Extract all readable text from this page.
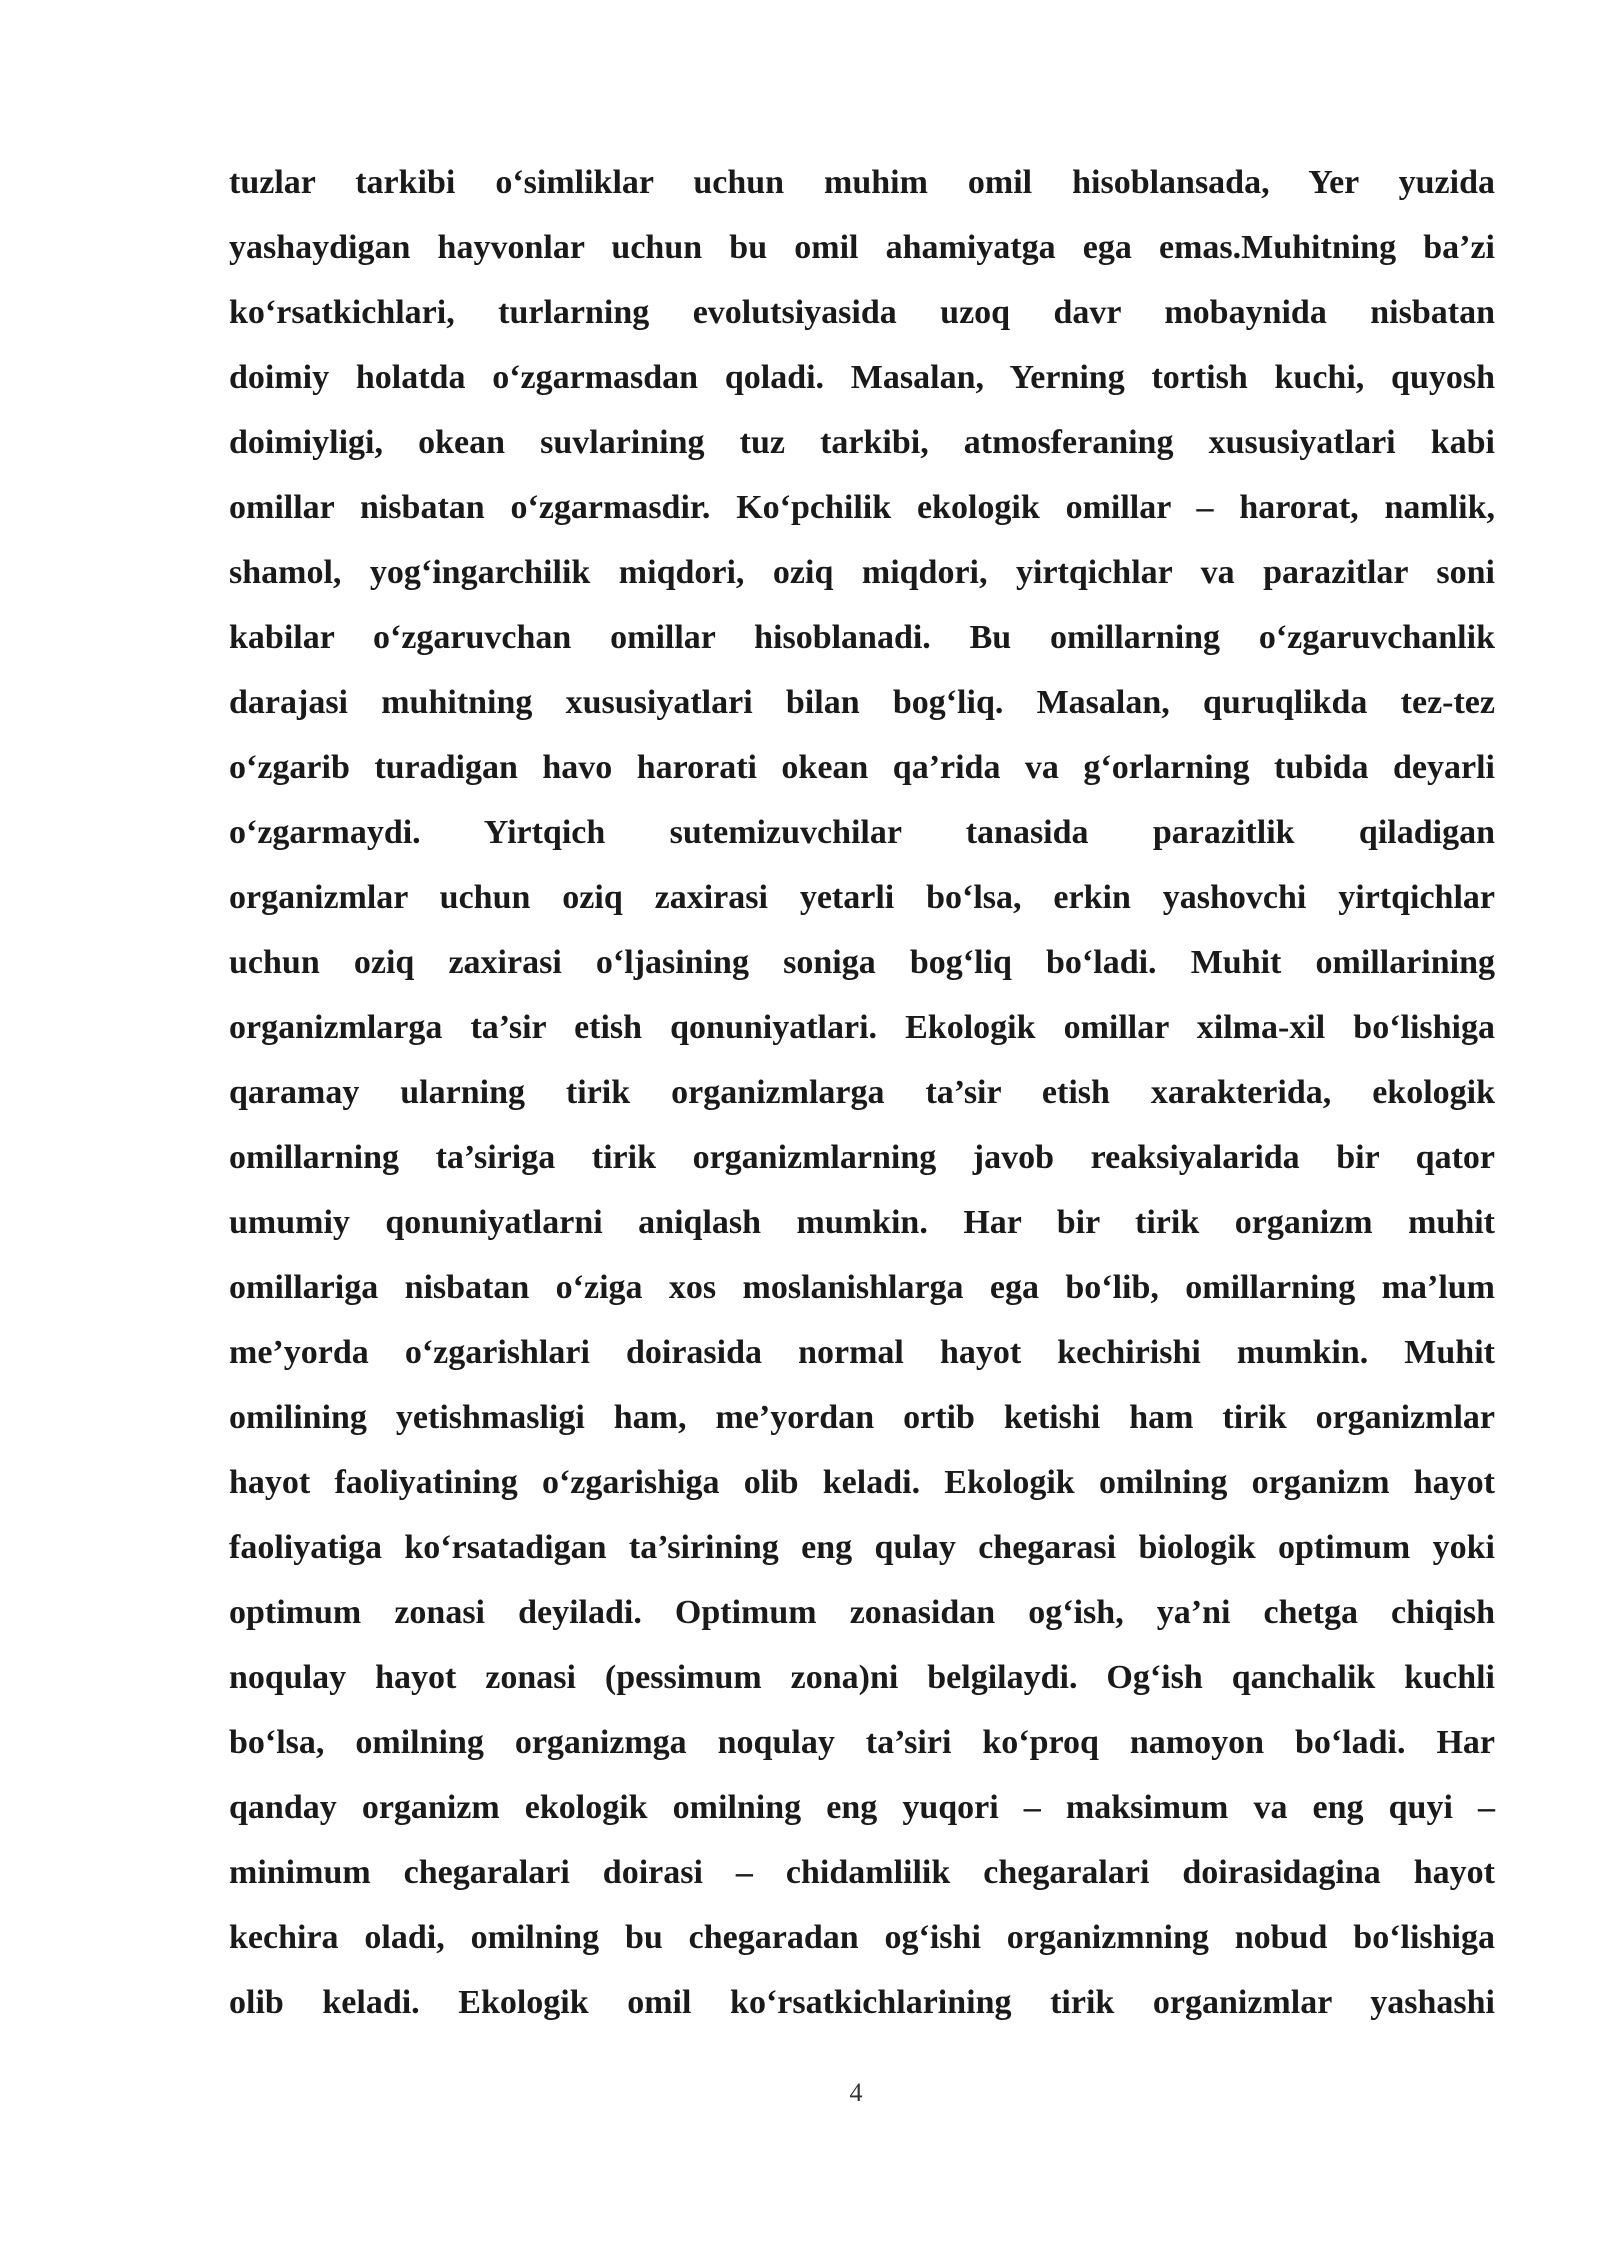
tuzlar tarkibi o‘simliklar uchun muhim omil hisoblansada, Yer yuzida
yashaydigan hayvonlar uchun bu omil ahamiyatga ega emas.Muhitning ba’zi
ko‘rsatkichlari, turlarning evolutsiyasida uzoq davr mobaynida nisbatan
doimiy holatda o‘zgarmasdan qoladi. Masalan, Yerning tortish kuchi, quyosh
doimiyligi, okean suvlarining tuz tarkibi, atmosferaning xususiyatlari kabi
omillar nisbatan o‘zgarmasdir. Ko‘pchilik ekologik omillar – harorat, namlik,
shamol, yog‘ingarchilik miqdori, oziq miqdori, yirtqichlar va parazitlar soni
kabilar o‘zgaruvchan omillar hisoblanadi. Bu omillarning o‘zgaruvchanlik
darajasi muhitning xususiyatlari bilan bog‘liq. Masalan, quruqlikda tez-tez
o‘zgarib turadigan havo harorati okean qa’rida va g‘orlarning tubida deyarli
o‘zgarmaydi. Yirtqich sutemizuvchilar tanasida parazitlik qiladigan
organizmlar uchun oziq zaxirasi yetarli bo‘lsa, erkin yashovchi yirtqichlar
uchun oziq zaxirasi o‘ljasining soniga bog‘liq bo‘ladi. Muhit omillarining
organizmlarga ta’sir etish qonuniyatlari. Ekologik omillar xilma-xil bo‘lishiga
qaramay ularning tirik organizmlarga ta’sir etish xarakterida, ekologik
omillarning ta’siriga tirik organizmlarning javob reaksiyalarida bir qator
umumiy qonuniyatlarni aniqlash mumkin. Har bir tirik organizm muhit
omillariga nisbatan o‘ziga xos moslanishlarga ega bo‘lib, omillarning ma’lum
me’yorda o‘zgarishlari doirasida normal hayot kechirishi mumkin. Muhit
omilining yetishmasligi ham, me’yordan ortib ketishi ham tirik organizmlar
hayot faoliyatining o‘zgarishiga olib keladi. Ekologik omilning organizm hayot
faoliyatiga ko‘rsatadigan ta’sirining eng qulay chegarasi biologik optimum yoki
optimum zonasi deyiladi. Optimum zonasidan og‘ish, ya’ni chetga chiqish
noqulay hayot zonasi (pessimum zona)ni belgilaydi. Og‘ish qanchalik kuchli
bo‘lsa, omilning organizmga noqulay ta’siri ko‘proq namoyon bo‘ladi. Har
qanday organizm ekologik omilning eng yuqori – maksimum va eng quyi –
minimum chegaralari doirasi – chidamlilik chegaralari doirasidagina hayot
kechira oladi, omilning bu chegaradan og‘ishi organizmning nobud bo‘lishiga
olib keladi. Ekologik omil ko‘rsatkichlarining tirik organizmlar yashashi
4
